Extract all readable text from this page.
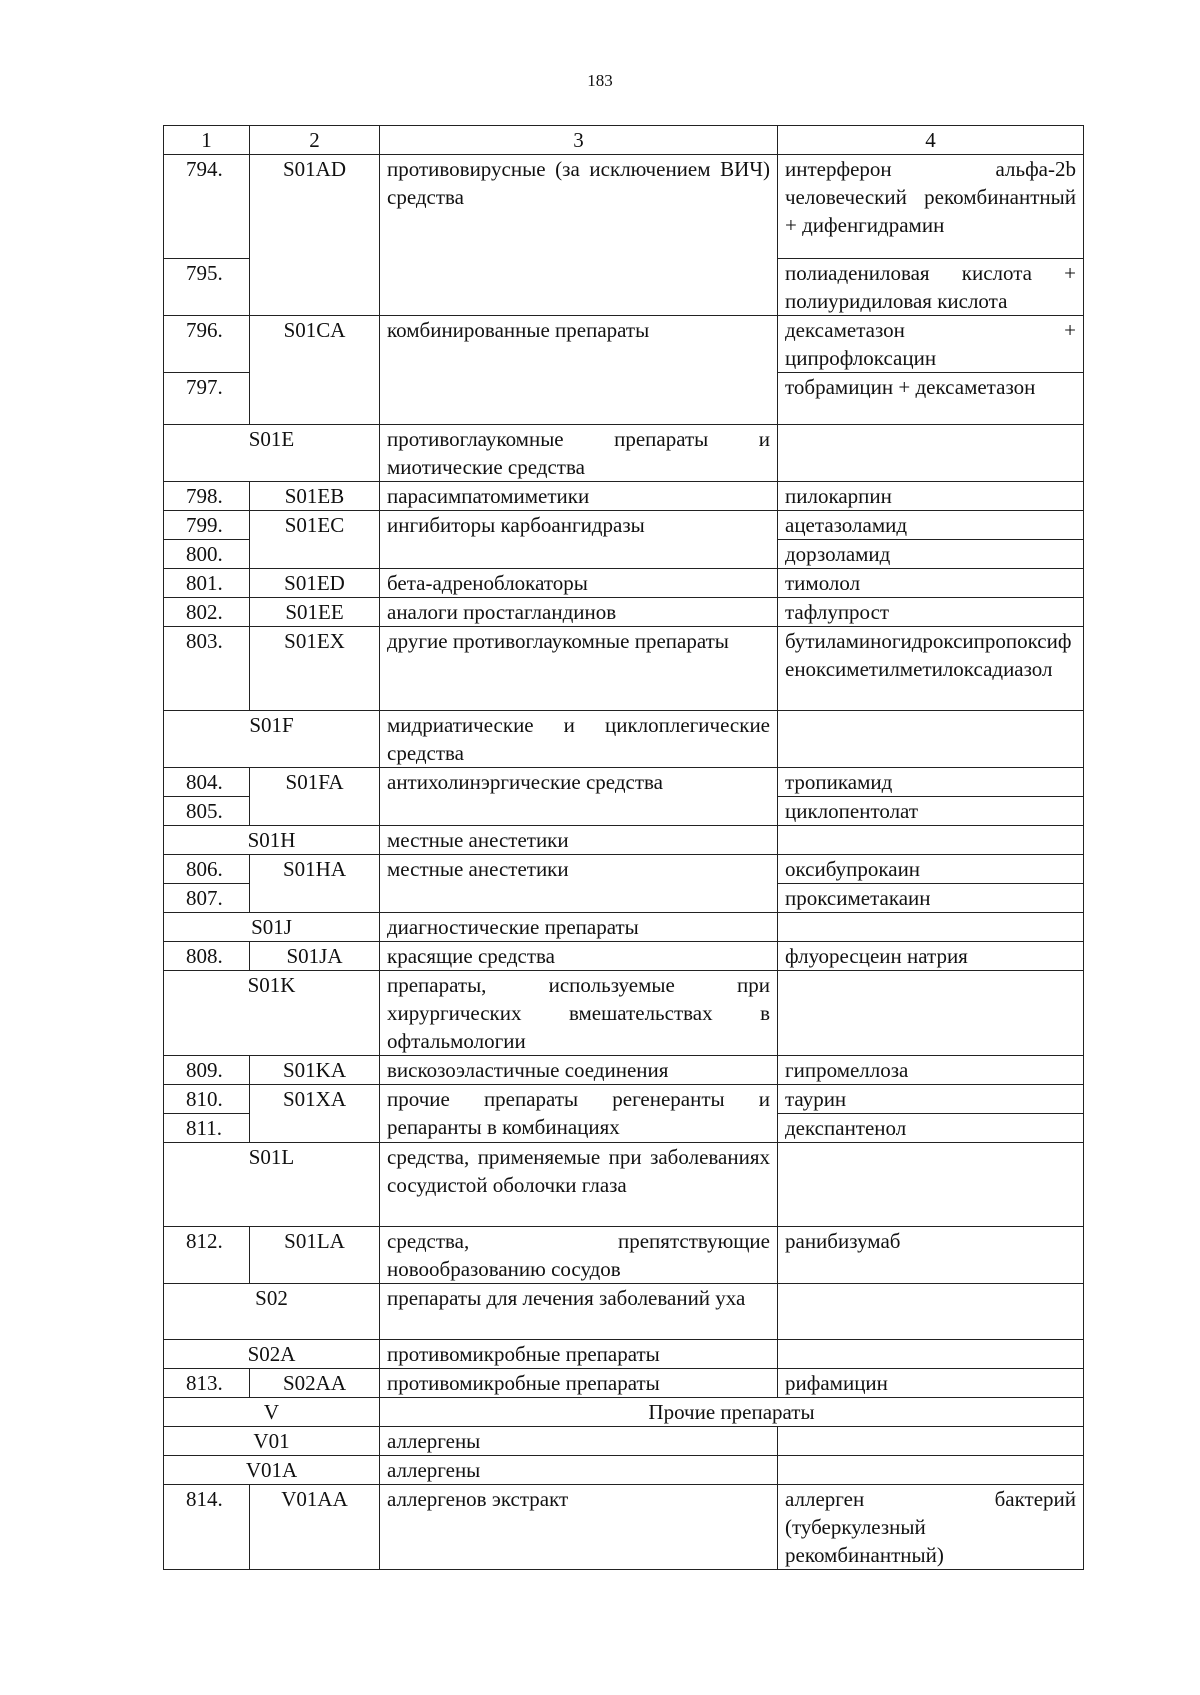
183
1	2	3	4
794.	S01AD	противовирусные (за исключением ВИЧ) средства	интерферон альфа-2b человеческий рекомбинантный + дифенгидрамин
795.			полиадениловая кислота + полиуридиловая кислота
796.	S01CA	комбинированные препараты	дексаметазон + ципрофлоксацин
797.			тобрамицин + дексаметазон
S01E		противоглаукомные препараты и миотические средства	
798.	S01EB	парасимпатомиметики	пилокарпин
799.	S01EC	ингибиторы карбоангидразы	ацетазоламид
800.			дорзоламид
801.	S01ED	бета-адреноблокаторы	тимолол
802.	S01EE	аналоги простагландинов	тафлупрост
803.	S01EX	другие противоглаукомные препараты	бутиламиногидроксипропоксифеноксиметилметилоксадиазол
S01F		мидриатические и циклоплегические средства	
804.	S01FA	антихолинэргические средства	тропикамид
805.			циклопентолат
S01H		местные анестетики	
806.	S01HA	местные анестетики	оксибупрокаин
807.			проксиметакаин
S01J		диагностические препараты	
808.	S01JA	красящие средства	флуоресцеин натрия
S01K		препараты, используемые при хирургических вмешательствах в офтальмологии	
809.	S01KA	вискозоэластичные соединения	гипромеллоза
810.	S01XA	прочие препараты регенеранты и репаранты в комбинациях	таурин
811.			декспантенол
S01L		средства, применяемые при заболеваниях сосудистой оболочки глаза	
812.	S01LA	средства, препятствующие новообразованию сосудов	ранибизумаб
S02		препараты для лечения заболеваний уха	
S02A		противомикробные препараты	
813.	S02AA	противомикробные препараты	рифамицин
V		Прочие препараты	
V01		аллергены	
V01A		аллергены	
814.	V01AA	аллергенов экстракт	аллерген бактерий (туберкулезный рекомбинантный)
